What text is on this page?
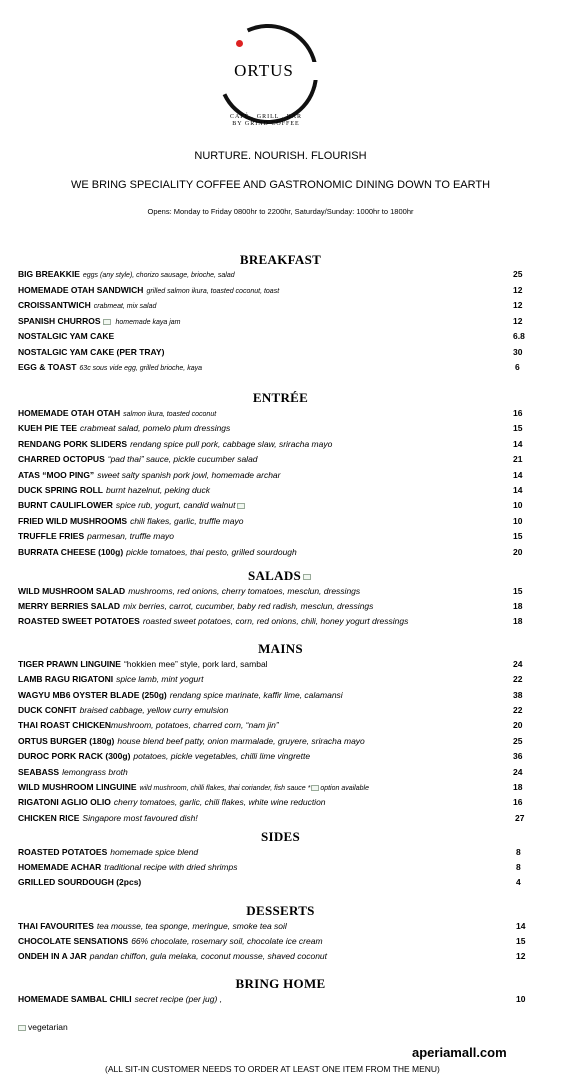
ORTUS
CAFÉ . GRILL . BAR
BY GRIND COFFEE
NURTURE. NOURISH. FLOURISH
WE BRING SPECIALITY COFFEE AND GASTRONOMIC DINING DOWN TO EARTH
Opens: Monday to Friday 0800hr to 2200hr, Saturday/Sunday: 1000hr to 1800hr
BREAKFAST
BIG BREAKKIE eggs (any style), chorizo sausage, brioche, salad	25
HOMEMADE OTAH SANDWICH grilled salmon ikura, toasted coconut, toast	12
CROISSANTWICH crabmeat, mix salad	12
SPANISH CHURROS homemade kaya jam	12
NOSTALGIC YAM CAKE	6.8
NOSTALGIC YAM CAKE (PER TRAY)	30
EGG & TOAST 63c sous vide egg, grilled brioche, kaya	6
ENTRÉE
HOMEMADE OTAH OTAH salmon ikura, toasted coconut	16
KUEH PIE TEE crabmeat salad, pomelo plum dressings	15
RENDANG PORK SLIDERS rendang spice pull pork, cabbage slaw, sriracha mayo	14
CHARRED OCTOPUS “pad thai” sauce, pickle cucumber salad	21
ATAS “MOO PING” sweet salty spanish pork jowl, homemade archar	14
DUCK SPRING ROLL burnt hazelnut, peking duck	14
BURNT CAULIFLOWER spice rub, yogurt, candid walnut	10
FRIED WILD MUSHROOMS chili flakes, garlic, truffle mayo	10
TRUFFLE FRIES parmesan, truffle mayo	15
BURRATA CHEESE (100g) pickle tomatoes, thai pesto, grilled sourdough	20
SALADS
WILD MUSHROOM SALAD mushrooms, red onions, cherry tomatoes, mesclun, dressings	15
MERRY BERRIES SALAD mix berries, carrot, cucumber, baby red radish, mesclun, dressings	18
ROASTED SWEET POTATOES roasted sweet potatoes, corn, red onions, chili, honey yogurt dressings	18
MAINS
TIGER PRAWN LINGUINE “hokkien mee” style, pork lard, sambal	24
LAMB RAGU RIGATONI spice lamb, mint yogurt	22
WAGYU MB6 OYSTER BLADE (250g) rendang spice marinate, kaffir lime, calamansi	38
DUCK CONFIT braised cabbage, yellow curry emulsion	22
THAI ROAST CHICKENmushroom, potatoes, charred corn, “nam jin”	20
ORTUS BURGER (180g) house blend beef patty, onion marmalade, gruyere, sriracha mayo	25
DUROC PORK RACK (300g) potatoes, pickle vegetables, chilli lime vingrette	36
SEABASS lemongrass broth	24
WILD MUSHROOM LINGUINE wild mushroom, chilli flakes, thai coriander, fish sauce * option available	18
RIGATONI AGLIO OLIO cherry tomatoes, garlic, chili flakes, white wine reduction	16
CHICKEN RICE Singapore most favoured dish!	27
SIDES
ROASTED POTATOES homemade spice blend	8
HOMEMADE ACHAR traditional recipe with dried shrimps	8
GRILLED SOURDOUGH (2pcs)	4
DESSERTS
THAI FAVOURITES tea mousse, tea sponge, meringue, smoke tea soil	14
CHOCOLATE SENSATIONS 66% chocolate, rosemary soil, chocolate ice cream	15
ONDEH IN A JAR pandan chiffon, gula melaka, coconut mousse, shaved coconut	12
BRING HOME
HOMEMADE SAMBAL CHILI secret recipe (per jug) ,	10
vegetarian
aperiamall.com
(ALL SIT-IN CUSTOMER NEEDS TO ORDER AT LEAST ONE ITEM FROM THE MENU)
